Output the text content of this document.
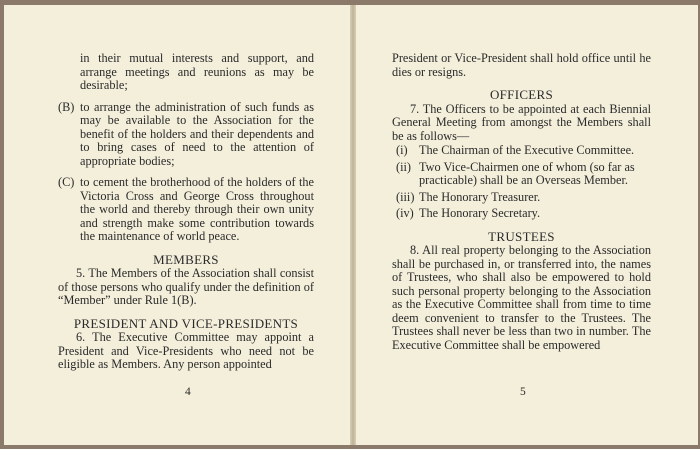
in their mutual interests and support, and arrange meetings and reunions as may be desirable;

(B) to arrange the administration of such funds as may be available to the Association for the benefit of the holders and their dependents and to bring cases of need to the attention of appropriate bodies;
(C) to cement the brotherhood of the holders of the Victoria Cross and George Cross throughout the world and thereby through their own unity and strength make some contribution towards the maintenance of world peace.
MEMBERS

5. The Members of the Association shall consist of those persons who qualify under the definition of “Member” under Rule 1(B).

PRESIDENT AND VICE-PRESIDENTS

6. The Executive Committee may appoint a President and Vice-Presidents who need not be eligible as Members. Any person appointed

4

President or Vice-President shall hold office until he dies or resigns.

OFFICERS

7. The Officers to be appointed at each Biennial General Meeting from amongst the Members shall be as follows—

(i) The Chairman of the Executive Committee.
(ii) Two Vice-Chairmen one of whom (so far as practicable) shall be an Overseas Member.
(iii) The Honorary Treasurer.
(iv) The Honorary Secretary.
TRUSTEES

8. All real property belonging to the Association shall be purchased in, or transferred into, the names of Trustees, who shall also be empowered to hold such personal property belonging to the Association as the Executive Committee shall from time to time deem convenient to transfer to the Trustees. The Trustees shall never be less than two in number. The Executive Committee shall be empowered

5
